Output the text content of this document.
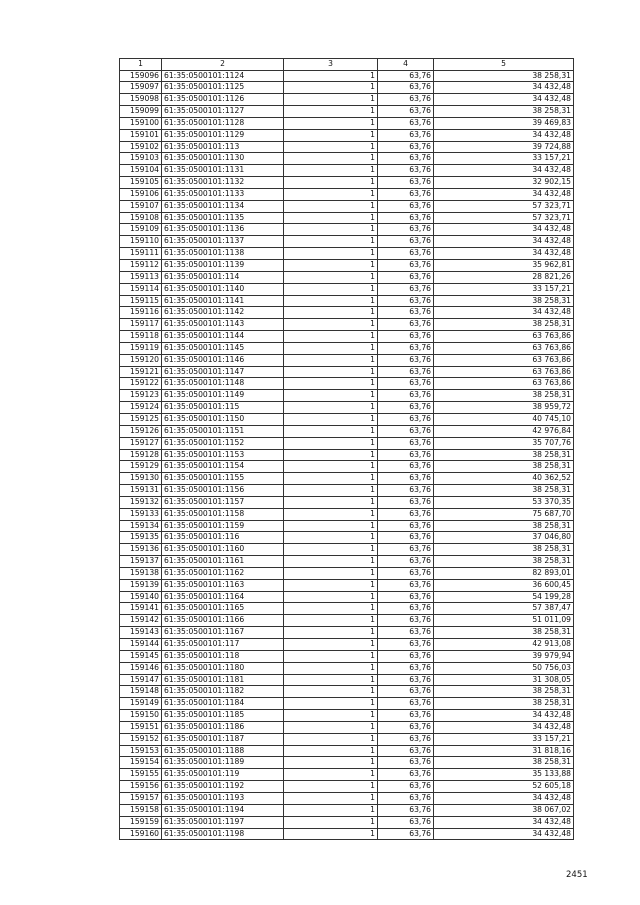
1	2	3	4	5
159096	61:35:0500101:1124	1	63,76	38 258,31
159097	61:35:0500101:1125	1	63,76	34 432,48
159098	61:35:0500101:1126	1	63,76	34 432,48
159099	61:35:0500101:1127	1	63,76	38 258,31
159100	61:35:0500101:1128	1	63,76	39 469,83
159101	61:35:0500101:1129	1	63,76	34 432,48
159102	61:35:0500101:113	1	63,76	39 724,88
159103	61:35:0500101:1130	1	63,76	33 157,21
159104	61:35:0500101:1131	1	63,76	34 432,48
159105	61:35:0500101:1132	1	63,76	32 902,15
159106	61:35:0500101:1133	1	63,76	34 432,48
159107	61:35:0500101:1134	1	63,76	57 323,71
159108	61:35:0500101:1135	1	63,76	57 323,71
159109	61:35:0500101:1136	1	63,76	34 432,48
159110	61:35:0500101:1137	1	63,76	34 432,48
159111	61:35:0500101:1138	1	63,76	34 432,48
159112	61:35:0500101:1139	1	63,76	35 962,81
159113	61:35:0500101:114	1	63,76	28 821,26
159114	61:35:0500101:1140	1	63,76	33 157,21
159115	61:35:0500101:1141	1	63,76	38 258,31
159116	61:35:0500101:1142	1	63,76	34 432,48
159117	61:35:0500101:1143	1	63,76	38 258,31
159118	61:35:0500101:1144	1	63,76	63 763,86
159119	61:35:0500101:1145	1	63,76	63 763,86
159120	61:35:0500101:1146	1	63,76	63 763,86
159121	61:35:0500101:1147	1	63,76	63 763,86
159122	61:35:0500101:1148	1	63,76	63 763,86
159123	61:35:0500101:1149	1	63,76	38 258,31
159124	61:35:0500101:115	1	63,76	38 959,72
159125	61:35:0500101:1150	1	63,76	40 745,10
159126	61:35:0500101:1151	1	63,76	42 976,84
159127	61:35:0500101:1152	1	63,76	35 707,76
159128	61:35:0500101:1153	1	63,76	38 258,31
159129	61:35:0500101:1154	1	63,76	38 258,31
159130	61:35:0500101:1155	1	63,76	40 362,52
159131	61:35:0500101:1156	1	63,76	38 258,31
159132	61:35:0500101:1157	1	63,76	53 370,35
159133	61:35:0500101:1158	1	63,76	75 687,70
159134	61:35:0500101:1159	1	63,76	38 258,31
159135	61:35:0500101:116	1	63,76	37 046,80
159136	61:35:0500101:1160	1	63,76	38 258,31
159137	61:35:0500101:1161	1	63,76	38 258,31
159138	61:35:0500101:1162	1	63,76	82 893,01
159139	61:35:0500101:1163	1	63,76	36 600,45
159140	61:35:0500101:1164	1	63,76	54 199,28
159141	61:35:0500101:1165	1	63,76	57 387,47
159142	61:35:0500101:1166	1	63,76	51 011,09
159143	61:35:0500101:1167	1	63,76	38 258,31
159144	61:35:0500101:117	1	63,76	42 913,08
159145	61:35:0500101:118	1	63,76	39 979,94
159146	61:35:0500101:1180	1	63,76	50 756,03
159147	61:35:0500101:1181	1	63,76	31 308,05
159148	61:35:0500101:1182	1	63,76	38 258,31
159149	61:35:0500101:1184	1	63,76	38 258,31
159150	61:35:0500101:1185	1	63,76	34 432,48
159151	61:35:0500101:1186	1	63,76	34 432,48
159152	61:35:0500101:1187	1	63,76	33 157,21
159153	61:35:0500101:1188	1	63,76	31 818,16
159154	61:35:0500101:1189	1	63,76	38 258,31
159155	61:35:0500101:119	1	63,76	35 133,88
159156	61:35:0500101:1192	1	63,76	52 605,18
159157	61:35:0500101:1193	1	63,76	34 432,48
159158	61:35:0500101:1194	1	63,76	38 067,02
159159	61:35:0500101:1197	1	63,76	34 432,48
159160	61:35:0500101:1198	1	63,76	34 432,48
2451
